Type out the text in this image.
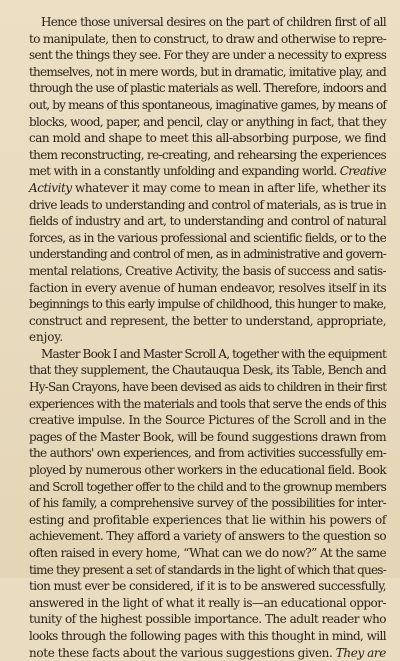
Hence those universal desires on the part of children first of all
to manipulate, then to construct, to draw and otherwise to repre-
sent the things they see. For they are under a necessity to express
themselves, not in mere words, but in dramatic, imitative play, and
through the use of plastic materials as well. Therefore, indoors and
out, by means of this spontaneous, imaginative games, by means of
blocks, wood, paper, and pencil, clay or anything in fact, that they
can mold and shape to meet this all-absorbing purpose, we find
them reconstructing, re-creating, and rehearsing the experiences
met with in a constantly unfolding and expanding world. Creative
Activity whatever it may come to mean in after life, whether its
drive leads to understanding and control of materials, as is true in
fields of industry and art, to understanding and control of natural
forces, as in the various professional and scientific fields, or to the
understanding and control of men, as in administrative and govern-
mental relations, Creative Activity, the basis of success and satis-
faction in every avenue of human endeavor, resolves itself in its
beginnings to this early impulse of childhood, this hunger to make,
construct and represent, the better to understand, appropriate,
enjoy.

Master Book I and Master Scroll A, together with the equipment
that they supplement, the Chautauqua Desk, its Table, Bench and
Hy-San Crayons, have been devised as aids to children in their first
experiences with the materials and tools that serve the ends of this
creative impulse. In the Source Pictures of the Scroll and in the
pages of the Master Book, will be found suggestions drawn from
the authors' own experiences, and from activities successfully em-
ployed by numerous other workers in the educational field. Book
and Scroll together offer to the child and to the grownup members
of his family, a comprehensive survey of the possibilities for inter-
esting and profitable experiences that lie within his powers of
achievement. They afford a variety of answers to the question so
often raised in every home, “What can we do now?” At the same
time they present a set of standards in the light of which that ques-
tion must ever be considered, if it is to be answered successfully,
answered in the light of what it really is—an educational oppor-
tunity of the highest possible importance. The adult reader who
looks through the following pages with this thought in mind, will
note these facts about the various suggestions given. They are
